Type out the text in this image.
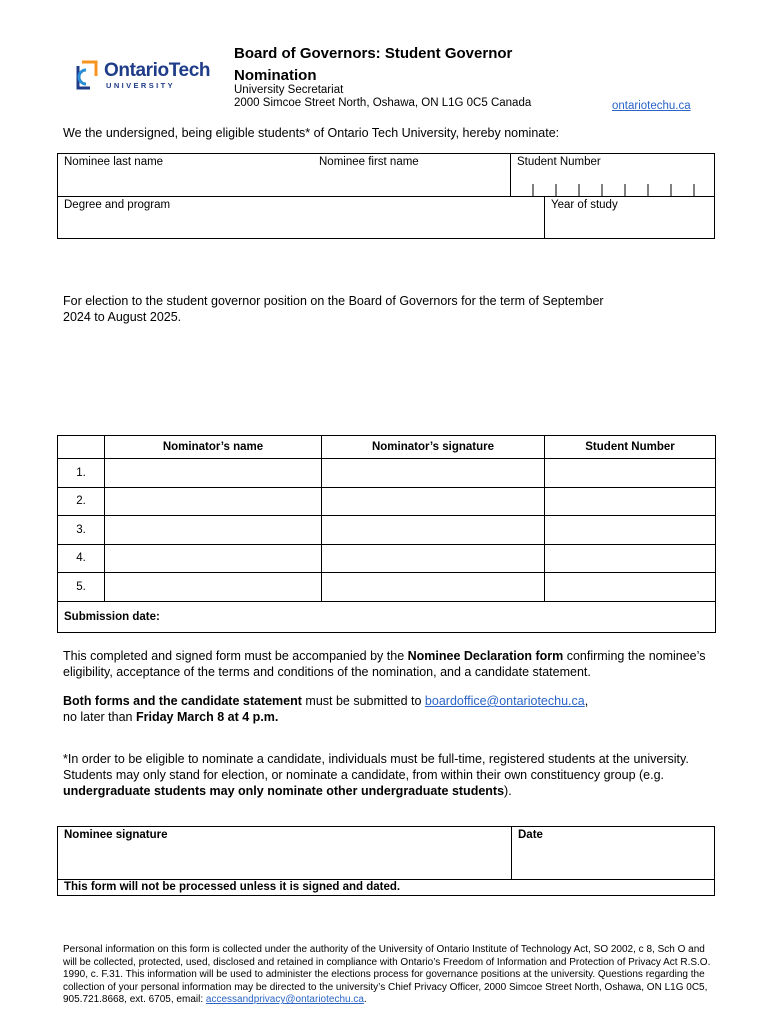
OntarioTech
UNIVERSITY
Board of Governors: Student Governor
Nomination
University Secretariat
2000 Simcoe Street North, Oshawa, ON L1G 0C5 Canada	ontariotechu.ca
We the undersigned, being eligible students* of Ontario Tech University, hereby nominate:
Nominee last name	Nominee first name	Student Number
Degree and program	Year of study
For election to the student governor position on the Board of Governors for the term of September 2024 to August 2025.
	Nominator’s name	Nominator’s signature	Student Number
1.			
2.			
3.			
4.			
5.			
Submission date:			
This completed and signed form must be accompanied by the Nominee Declaration form confirming the nominee’s eligibility, acceptance of the terms and conditions of the nomination, and a candidate statement.
Both forms and the candidate statement must be submitted to boardoffice@ontariotechu.ca,
no later than Friday March 8 at 4 p.m.
*In order to be eligible to nominate a candidate, individuals must be full-time, registered students at the university. Students may only stand for election, or nominate a candidate, from within their own constituency group (e.g. undergraduate students may only nominate other undergraduate students).
Nominee signature	Date
This form will not be processed unless it is signed and dated.
Personal information on this form is collected under the authority of the University of Ontario Institute of Technology Act, SO 2002, c 8, Sch O and will be collected, protected, used, disclosed and retained in compliance with Ontario’s Freedom of Information and Protection of Privacy Act R.S.O. 1990, c. F.31. This information will be used to administer the elections process for governance positions at the university. Questions regarding the collection of your personal information may be directed to the university’s Chief Privacy Officer, 2000 Simcoe Street North, Oshawa, ON L1G 0C5, 905.721.8668, ext. 6705, email: accessandprivacy@ontariotechu.ca.
